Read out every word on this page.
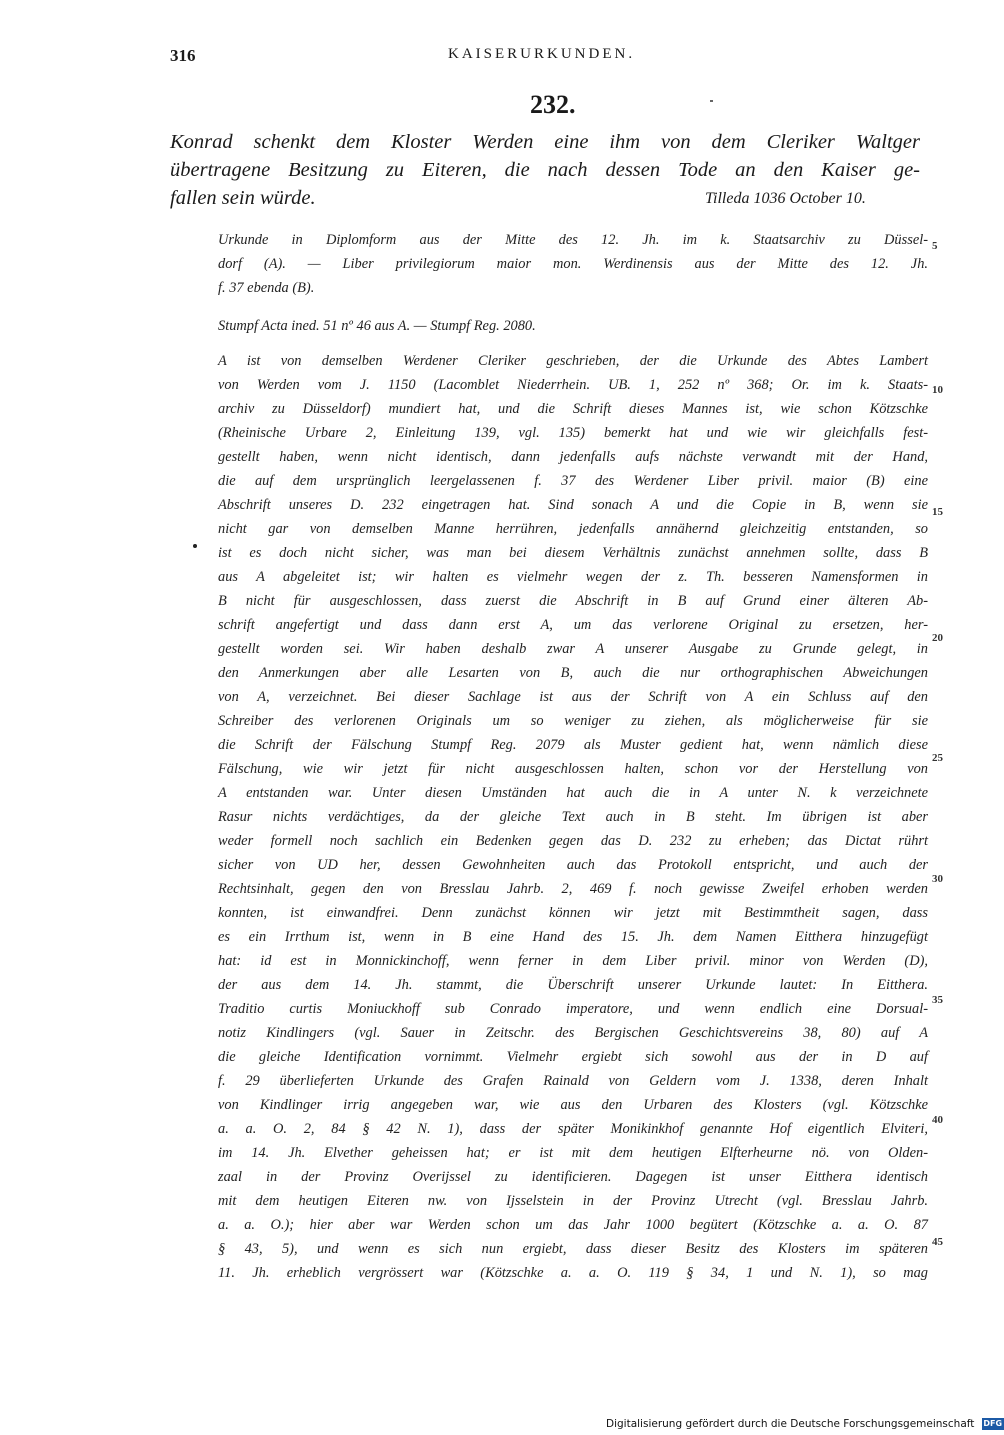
316	KAISERURKUNDEN.
232.
Konrad schenkt dem Kloster Werden eine ihm von dem Cleriker Waltger
übertragene Besitzung zu Eiteren, die nach dessen Tode an den Kaiser ge-
fallen sein würde.	Tilleda 1036 October 10.
Urkunde in Diplomform aus der Mitte des 12. Jh. im k. Staatsarchiv zu Düssel-
dorf (A). — Liber privilegiorum maior mon. Werdinensis aus der Mitte des 12. Jh.
f. 37 ebenda (B).
Stumpf Acta ined. 51 nº 46 aus A. — Stumpf Reg. 2080.
A ist von demselben Werdener Cleriker geschrieben, der die Urkunde des Abtes Lambert
von Werden vom J. 1150 (Lacomblet Niederrhein. UB. 1, 252 nº 368; Or. im k. Staats-
archiv zu Düsseldorf) mundiert hat, und die Schrift dieses Mannes ist, wie schon Kötzschke
(Rheinische Urbare 2, Einleitung 139, vgl. 135) bemerkt hat und wie wir gleichfalls fest-
gestellt haben, wenn nicht identisch, dann jedenfalls aufs nächste verwandt mit der Hand,
die auf dem ursprünglich leergelassenen f. 37 des Werdener Liber privil. maior (B) eine
Abschrift unseres D. 232 eingetragen hat. Sind sonach A und die Copie in B, wenn sie
nicht gar von demselben Manne herrühren, jedenfalls annähernd gleichzeitig entstanden, so
ist es doch nicht sicher, was man bei diesem Verhältnis zunächst annehmen sollte, dass B
aus A abgeleitet ist; wir halten es vielmehr wegen der z. Th. besseren Namensformen in
B nicht für ausgeschlossen, dass zuerst die Abschrift in B auf Grund einer älteren Ab-
schrift angefertigt und dass dann erst A, um das verlorene Original zu ersetzen, her-
gestellt worden sei. Wir haben deshalb zwar A unserer Ausgabe zu Grunde gelegt, in
den Anmerkungen aber alle Lesarten von B, auch die nur orthographischen Abweichungen
von A, verzeichnet. Bei dieser Sachlage ist aus der Schrift von A ein Schluss auf den
Schreiber des verlorenen Originals um so weniger zu ziehen, als möglicherweise für sie
die Schrift der Fälschung Stumpf Reg. 2079 als Muster gedient hat, wenn nämlich diese
Fälschung, wie wir jetzt für nicht ausgeschlossen halten, schon vor der Herstellung von
A entstanden war. Unter diesen Umständen hat auch die in A unter N. k verzeichnete
Rasur nichts verdächtiges, da der gleiche Text auch in B steht. Im übrigen ist aber
weder formell noch sachlich ein Bedenken gegen das D. 232 zu erheben; das Dictat rührt
sicher von UD her, dessen Gewohnheiten auch das Protokoll entspricht, und auch der
Rechtsinhalt, gegen den von Bresslau Jahrb. 2, 469 f. noch gewisse Zweifel erhoben werden
konnten, ist einwandfrei. Denn zunächst können wir jetzt mit Bestimmtheit sagen, dass
es ein Irrthum ist, wenn in B eine Hand des 15. Jh. dem Namen Eitthera hinzugefügt
hat: id est in Monnickinchoff, wenn ferner in dem Liber privil. minor von Werden (D),
der aus dem 14. Jh. stammt, die Überschrift unserer Urkunde lautet: In Eitthera.
Traditio curtis Moniuckhoff sub Conrado imperatore, und wenn endlich eine Dorsual-
notiz Kindlingers (vgl. Sauer in Zeitschr. des Bergischen Geschichtsvereins 38, 80) auf A
die gleiche Identification vornimmt. Vielmehr ergiebt sich sowohl aus der in D auf
f. 29 überlieferten Urkunde des Grafen Rainald von Geldern vom J. 1338, deren Inhalt
von Kindlinger irrig angegeben war, wie aus den Urbaren des Klosters (vgl. Kötzschke
a. a. O. 2, 84 § 42 N. 1), dass der später Monikinkhof genannte Hof eigentlich Elviteri,
im 14. Jh. Elvether geheissen hat; er ist mit dem heutigen Elfterheurne nö. von Olden-
zaal in der Provinz Overijssel zu identificieren. Dagegen ist unser Eitthera identisch
mit dem heutigen Eiteren nw. von Ijsselstein in der Provinz Utrecht (vgl. Bresslau Jahrb.
a. a. O.); hier aber war Werden schon um das Jahr 1000 begütert (Kötzschke a. a. O. 87
§ 43, 5), und wenn es sich nun ergiebt, dass dieser Besitz des Klosters im späteren
11. Jh. erheblich vergrössert war (Kötzschke a. a. O. 119 § 34, 1 und N. 1), so mag
5
10
15
20
25
30
35
40
45
Digitalisierung gefördert durch die Deutsche Forschungsgemeinschaft DFG
